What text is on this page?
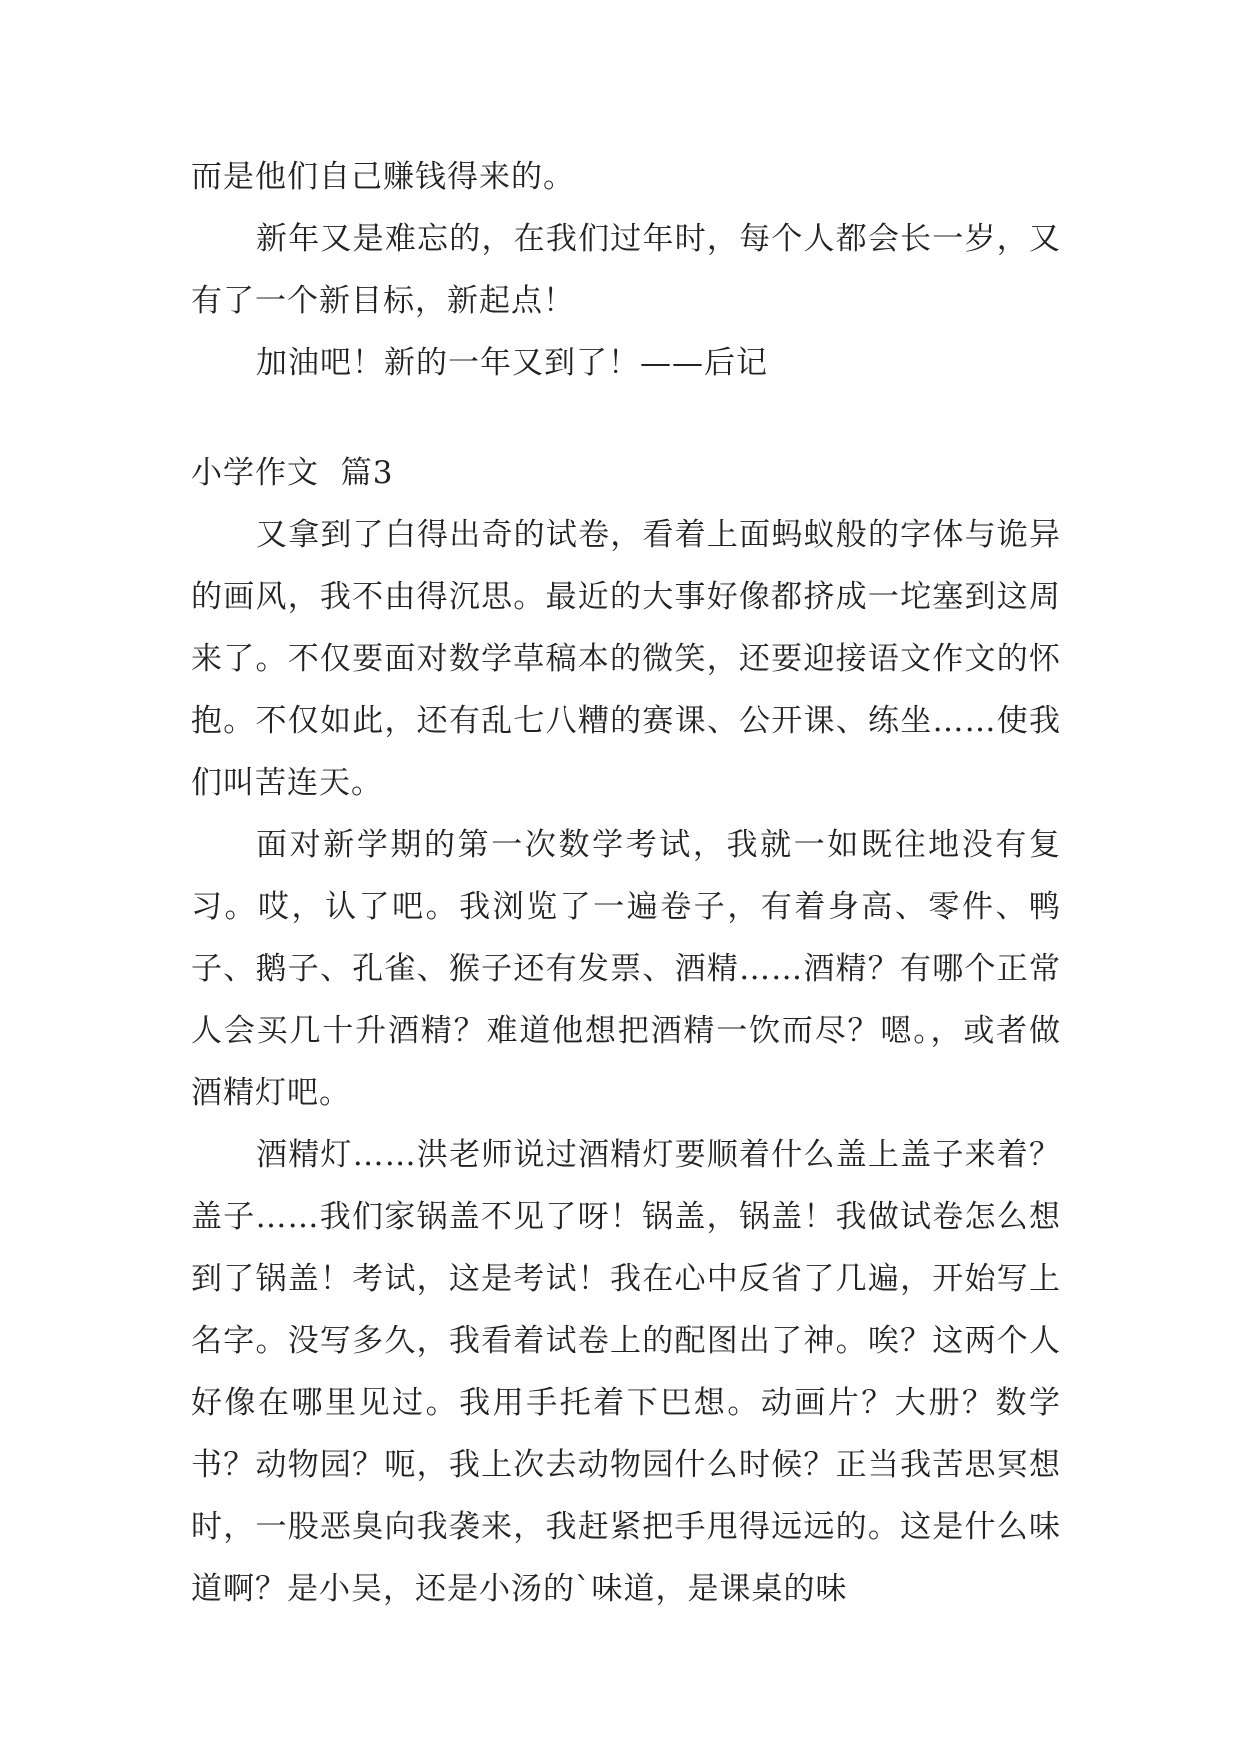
而是他们自己赚钱得来的。

新年又是难忘的，在我们过年时，每个人都会长一岁，又有了一个新目标，新起点！

加油吧！新的一年又到了！——后记

小学作文  篇3

又拿到了白得出奇的试卷，看着上面蚂蚁般的字体与诡异的画风，我不由得沉思。最近的大事好像都挤成一坨塞到这周来了。不仅要面对数学草稿本的微笑，还要迎接语文作文的怀抱。不仅如此，还有乱七八糟的赛课、公开课、练坐……使我们叫苦连天。

面对新学期的第一次数学考试，我就一如既往地没有复习。哎，认了吧。我浏览了一遍卷子，有着身高、零件、鸭子、鹅子、孔雀、猴子还有发票、酒精……酒精？有哪个正常人会买几十升酒精？难道他想把酒精一饮而尽？嗯。，或者做酒精灯吧。

酒精灯……洪老师说过酒精灯要顺着什么盖上盖子来着？盖子……我们家锅盖不见了呀！锅盖，锅盖！我做试卷怎么想到了锅盖！考试，这是考试！我在心中反省了几遍，开始写上名字。没写多久，我看着试卷上的配图出了神。唉？这两个人好像在哪里见过。我用手托着下巴想。动画片？大册？数学书？动物园？呃，我上次去动物园什么时候？正当我苦思冥想时，一股恶臭向我袭来，我赶紧把手甩得远远的。这是什么味道啊？是小吴，还是小汤的`味道，是课桌的味
